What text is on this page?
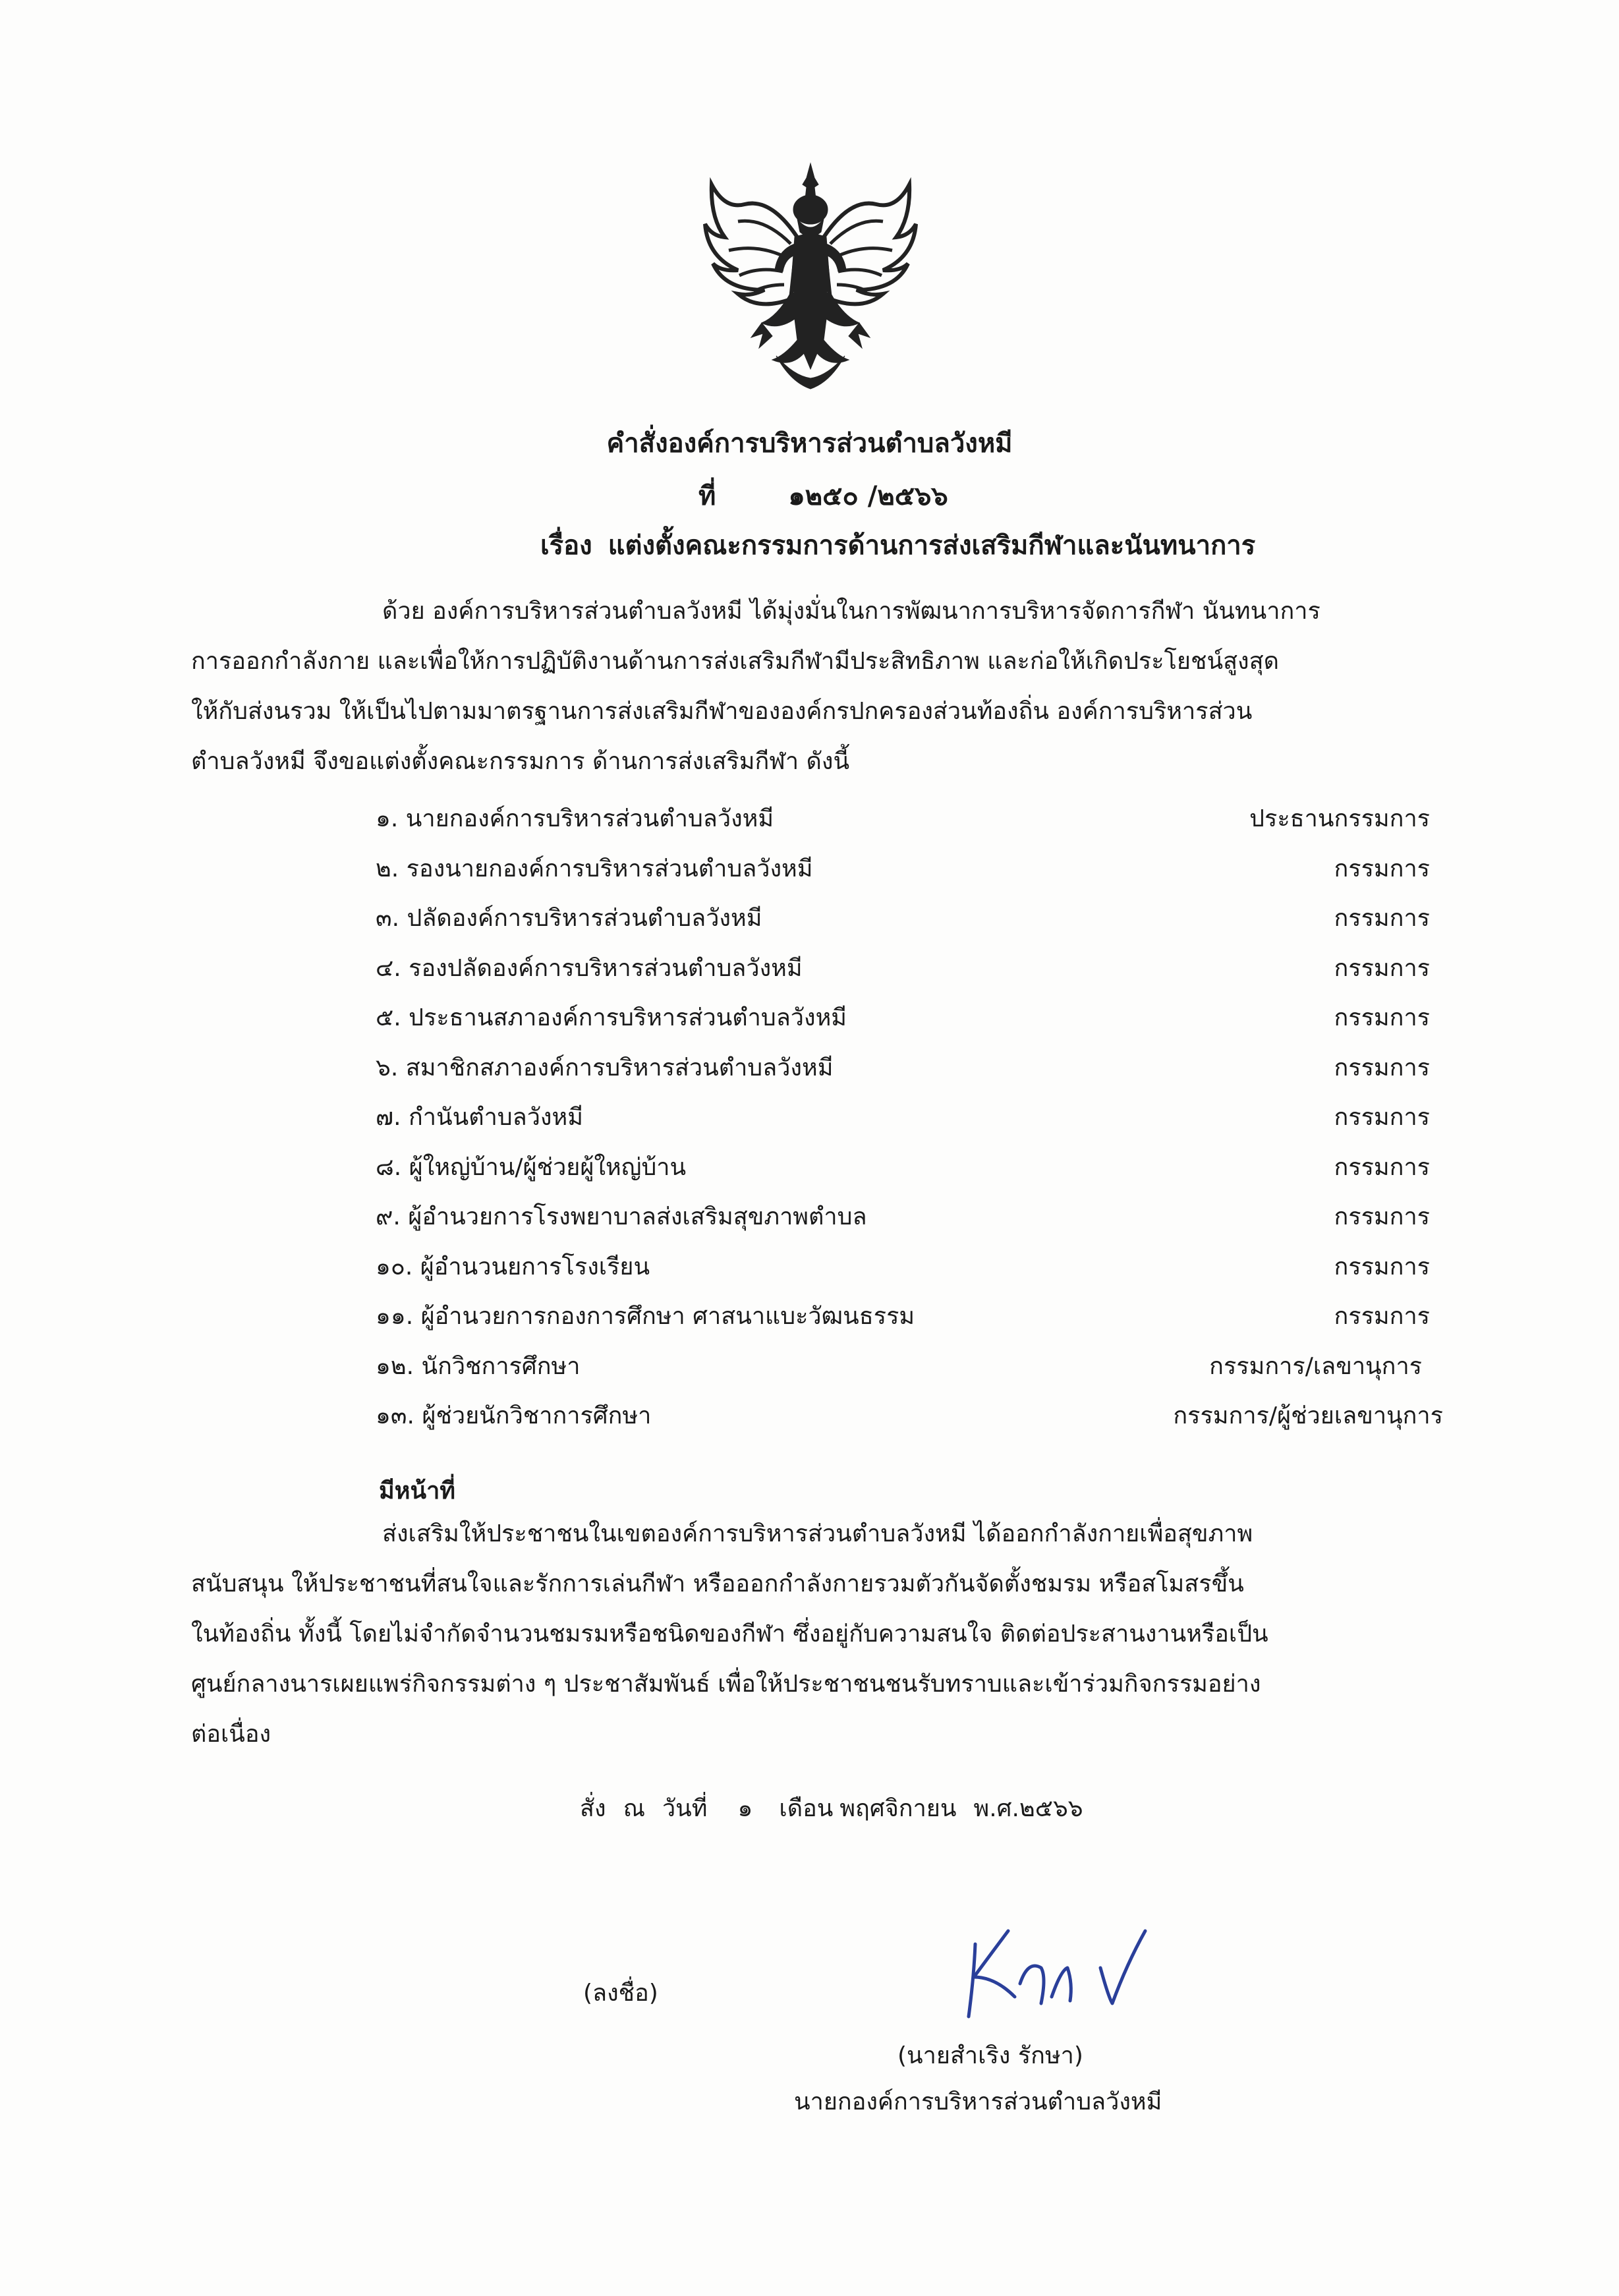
คำสั่งองค์การบริหารส่วนตำบลวังหมี
ที่	๑๒๕๐ /๒๕๖๖
เรื่อง แต่งตั้งคณะกรรมการด้านการส่งเสริมกีฬาและนันทนาการ
ด้วย องค์การบริหารส่วนตำบลวังหมี ได้มุ่งมั่นในการพัฒนาการบริหารจัดการกีฬา นันทนาการ
การออกกำลังกาย และเพื่อให้การปฏิบัติงานด้านการส่งเสริมกีฬามีประสิทธิภาพ และก่อให้เกิดประโยชน์สูงสุด
ให้กับส่งนรวม ให้เป็นไปตามมาตรฐานการส่งเสริมกีฬาขององค์กรปกครองส่วนท้องถิ่น องค์การบริหารส่วน
ตำบลวังหมี จึงขอแต่งตั้งคณะกรรมการ ด้านการส่งเสริมกีฬา ดังนี้
๑. นายกองค์การบริหารส่วนตำบลวังหมี	ประธานกรรมการ
๒. รองนายกองค์การบริหารส่วนตำบลวังหมี	กรรมการ
๓. ปลัดองค์การบริหารส่วนตำบลวังหมี	กรรมการ
๔. รองปลัดองค์การบริหารส่วนตำบลวังหมี	กรรมการ
๕. ประธานสภาองค์การบริหารส่วนตำบลวังหมี	กรรมการ
๖. สมาชิกสภาองค์การบริหารส่วนตำบลวังหมี	กรรมการ
๗. กำนันตำบลวังหมี	กรรมการ
๘. ผู้ใหญ่บ้าน/ผู้ช่วยผู้ใหญ่บ้าน	กรรมการ
๙. ผู้อำนวยการโรงพยาบาลส่งเสริมสุขภาพตำบล	กรรมการ
๑๐. ผู้อำนวนยการโรงเรียน	กรรมการ
๑๑. ผู้อำนวยการกองการศึกษา ศาสนาแบะวัฒนธรรม	กรรมการ
๑๒. นักวิชการศึกษา	กรรมการ/เลขานุการ
๑๓. ผู้ช่วยนักวิชาการศึกษา	กรรมการ/ผู้ช่วยเลขานุการ
มีหน้าที่
ส่งเสริมให้ประชาชนในเขตองค์การบริหารส่วนตำบลวังหมี ได้ออกกำลังกายเพื่อสุขภาพ
สนับสนุน ให้ประชาชนที่สนใจและรักการเล่นกีฬา หรือออกกำลังกายรวมตัวกันจัดตั้งชมรม หรือสโมสรขึ้น
ในท้องถิ่น ทั้งนี้ โดยไม่จำกัดจำนวนชมรมหรือชนิดของกีฬา ซึ่งอยู่กับความสนใจ ติดต่อประสานงานหรือเป็น
ศูนย์กลางนารเผยแพร่กิจกรรมต่าง ๆ ประชาสัมพันธ์ เพื่อให้ประชาชนชนรับทราบและเข้าร่วมกิจกรรมอย่าง
ต่อเนื่อง
สั่ง ณ วันที่ ๑ เดือน พฤศจิกายน พ.ศ.๒๕๖๖
(ลงชื่อ)
(นายสำเริง รักษา)
นายกองค์การบริหารส่วนตำบลวังหมี
